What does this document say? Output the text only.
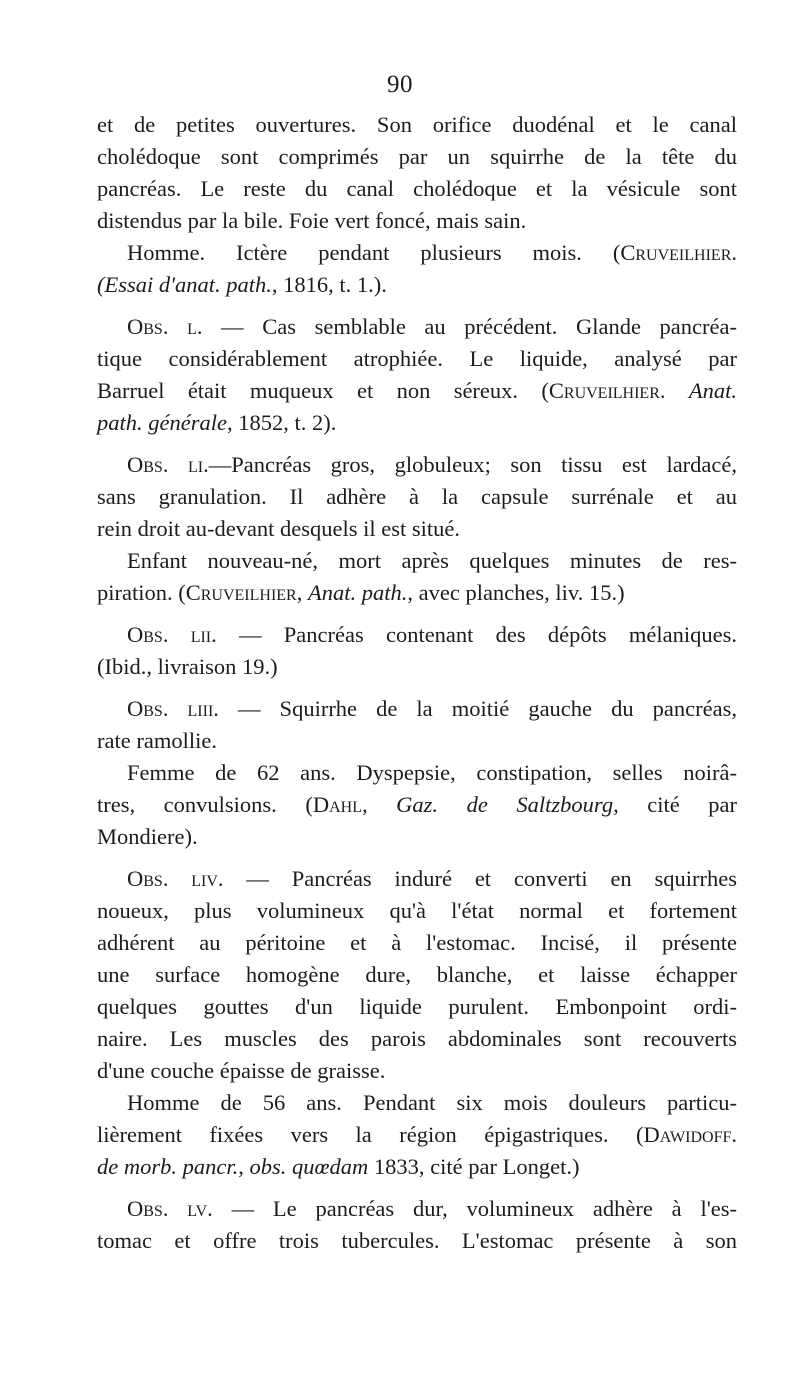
90
et de petites ouvertures. Son orifice duodénal et le canal
cholédoque sont comprimés par un squirrhe de la tête du
pancréas. Le reste du canal cholédoque et la vésicule sont
distendus par la bile. Foie vert foncé, mais sain.
Homme. Ictère pendant plusieurs mois. (Cruveilhier.
(Essai d'anat. path., 1816, t. 1.).
Obs. l. — Cas semblable au précédent. Glande pancréa-
tique considérablement atrophiée. Le liquide, analysé par
Barruel était muqueux et non séreux. (Cruveilhier. Anat.
path. générale, 1852, t. 2).
Obs. li.—Pancréas gros, globuleux; son tissu est lardacé,
sans granulation. Il adhère à la capsule surrénale et au
rein droit au-devant desquels il est situé.
Enfant nouveau-né, mort après quelques minutes de res-
piration. (Cruveilhier, Anat. path., avec planches, liv. 15.)
Obs. lii. — Pancréas contenant des dépôts mélaniques.
(Ibid., livraison 19.)
Obs. liii. — Squirrhe de la moitié gauche du pancréas,
rate ramollie.
Femme de 62 ans. Dyspepsie, constipation, selles noirâ-
tres, convulsions. (Dahl, Gaz. de Saltzbourg, cité par
Mondiere).
Obs. liv. — Pancréas induré et converti en squirrhes
noueux, plus volumineux qu'à l'état normal et fortement
adhérent au péritoine et à l'estomac. Incisé, il présente
une surface homogène dure, blanche, et laisse échapper
quelques gouttes d'un liquide purulent. Embonpoint ordi-
naire. Les muscles des parois abdominales sont recouverts
d'une couche épaisse de graisse.
Homme de 56 ans. Pendant six mois douleurs particu-
lièrement fixées vers la région épigastriques. (Dawidoff.
de morb. pancr., obs. quœdam 1833, cité par Longet.)
Obs. lv. — Le pancréas dur, volumineux adhère à l'es-
tomac et offre trois tubercules. L'estomac présente à son
